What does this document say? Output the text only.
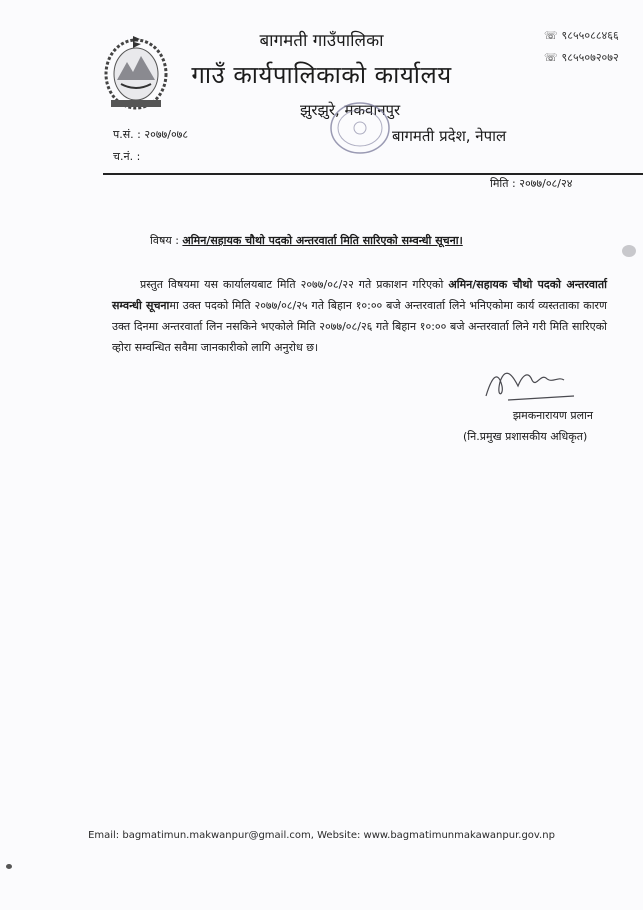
बागमती गाउँपालिका
गाउँ कार्यपालिकाको कार्यालय
झुरझुरे, मकवानपुर
बागमती प्रदेश, नेपाल
☏ ९८५५०८८४६६
☏ ९८५५०७२०७२
प.सं. : २०७७/०७८
च.नं. :
मिति : २०७७/०८/२४
विषय : अमिन/सहायक चौथो पदको अन्तरवार्ता मिति सारिएको सम्वन्धी सूचना।
प्रस्तुत विषयमा यस कार्यालयबाट मिति २०७७/०८/२२ गते प्रकाशन गरिएको अमिन/सहायक चौथो पदको अन्तरवार्ता सम्वन्धी सूचनामा उक्त पदको मिति २०७७/०८/२५ गते बिहान १०:०० बजे अन्तरवार्ता लिने भनिएकोमा कार्य व्यस्तताका कारण उक्त दिनमा अन्तरवार्ता लिन नसकिने भएकोले मिति २०७७/०८/२६ गते बिहान १०:०० बजे अन्तरवार्ता लिने गरी मिति सारिएको व्होरा सम्वन्धित सवैमा जानकारीको लागि अनुरोध छ।
झमकनारायण प्रलान
(नि.प्रमुख प्रशासकीय अधिकृत)
Email: bagmatimun.makwanpur@gmail.com, Website: www.bagmatimunmakawanpur.gov.np
